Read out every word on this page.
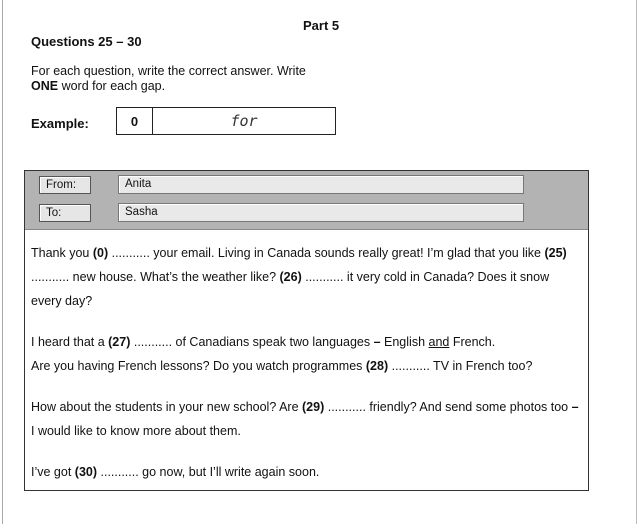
Part 5
Questions 25 – 30
For each question, write the correct answer. Write ONE word for each gap.
Example:	0	for
From:	Anita
To:	Sasha

Thank you (0) ........... your email. Living in Canada sounds really great! I’m glad that you like (25) ........... new house. What’s the weather like? (26) ........... it very cold in Canada? Does it snow every day?

I heard that a (27) ........... of Canadians speak two languages – English and French.
Are you having French lessons? Do you watch programmes (28) ........... TV in French too?

How about the students in your new school? Are (29) ........... friendly? And send some photos too – I would like to know more about them.

I’ve got (30) ........... go now, but I’ll write again soon.
